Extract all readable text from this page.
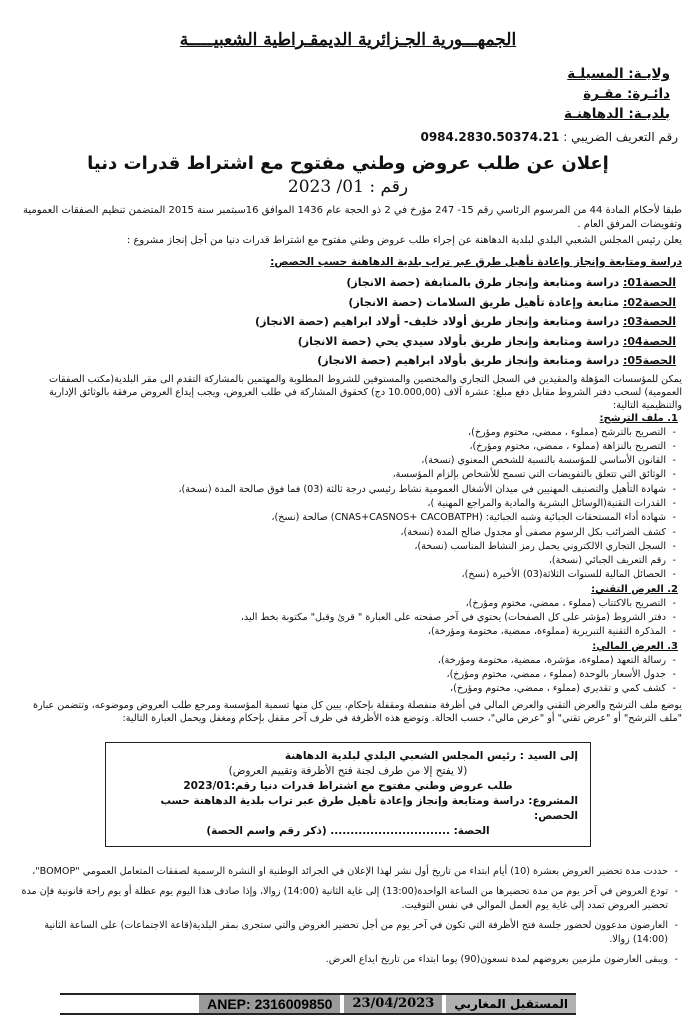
الجمهـــورية الجـزائرية الديمقـراطية الشعبيـــــة
ولايـة: المسيلـة
دائـرة: مقـرة
بلديـة: الدهاهنـة
رقم التعريف الضريبي : 0984.2830.50374.21
إعلان عن طلب عروض وطني مفتوح مع اشتراط قدرات دنيا
رقم : 01/ 2023

طبقا لأحكام المادة 44 من المرسوم الرئاسي رقم 15- 247 مؤرخ في 2 ذو الحجة عام 1436 الموافق 16سبتمبر سنة 2015 المتضمن تنظيم الصفقات العمومية وتفويضات المرفق العام .

يعلن رئيس المجلس الشعبي البلدي لبلدية الدهاهنة عن إجراء طلب عروض وطني مفتوح مع اشتراط قدرات دنيا من أجل إنجاز مشروع :

دراسة ومتابعة وإنجاز وإعادة تأهيل طرق عبر تراب بلدية الدهاهنة حسب الحصص:

الحصة01: دراسة ومتابعة وإنجاز طرق بالمنابفة (حصة الانجاز)
الحصة02: متابعة وإعادة تأهيل طريق السلامات (حصة الانجاز)
الحصة03: دراسة ومتابعة وإنجاز طريق أولاد خليف- أولاد ابراهيم (حصة الانجاز)
الحصة04: دراسة ومتابعة وإنجاز طريق بأولاد سيدي يحي (حصة الانجاز)
الحصة05: دراسة ومتابعة وإنجاز طريق بأولاد ابراهيم (حصة الانجاز)

يمكن للمؤسسات المؤهلة والمقيدين في السجل التجاري والمختصين والمستوفين للشروط المطلوبة والمهتمين بالمشاركة التقدم الى مقر البلدية(مكتب الصفقات العمومية) لسحب دفتر الشروط مقابل دفع مبلغ: عشرة آلاف (10.000,00 دج) كحقوق المشاركة في طلب العروض، ويجب إيداع العروض مرفقة بالوثائق الإدارية والتنظيمية التالية:

1. ملف الترشح:
- التصريح بالترشح (مملوء ، ممضي، مختوم ومؤرخ)،
- التصريح بالنزاهة (مملوء ، ممضي، مختوم ومؤرخ)،
- القانون الأساسي للمؤسسة بالنسبة للشخص المعنوي (نسخة)،
- الوثائق التي تتعلق بالتفويضات التي تسمح للأشخاص بإلزام المؤسسة،
- شهادة التأهيل والتصنيف المهنيين في ميدان الأشغال العمومية نشاط رئيسي درجة ثالثة (03) فما فوق صالحة المدة (نسخة)،
- القدرات التقنية(الوسائل البشرية والمادية والمراجع المهنية )،
- شهادة أداء المستحقات الجبائية وشبه الجبائية: (CNAS+CASNOS+ CACOBATPH) صالحة (نسخ)،
- كشف الضرائب بكل الرسوم مصفى أو مجدول صالح المدة (نسخة)،
- السجل التجاري الالكتروني يحمل رمز النشاط المناسب (نسخة)،
- رقم التعريف الجبائي (نسخة)،
- الحصائل المالية للسنوات الثلاثة(03) الأخيرة (نسخ)،
2. العرض التقني:
- التصريح بالاكتتاب (مملوء ، ممضي، مختوم ومؤرخ)،
- دفتر الشروط (مؤشر على كل الصفحات) يحتوي في آخر صفحته على العبارة " قرئ وقبل" مكتوبة بخط اليد،
- المذكرة التقنية التبريرية (مملوءة، ممضية، مختومة ومؤرخة)،
3. العرض المالي:
- رسالة التعهد (مملوءة، مؤشرة، ممضية، مختومة ومؤرخة)،
- جدول الأسعار بالوحدة (مملوء ، ممضي، مختوم ومؤرخ)،
- كشف كمي و تقديري (مملوء ، ممضي، مختوم ومؤرخ)،

يوضع ملف الترشح والعرض التقني والعرض المالي في أظرفة منفصلة ومقفلة بإحكام، يبين كل منها تسمية المؤسسة ومرجع طلب العروض وموضوعه، وتتضمن عبارة "ملف الترشح" أو "عرض تقني" أو "عرض مالي"، حسب الحالة. وتوضع هذه الأظرفة في ظرف آخر مقفل بإحكام ومغفل ويحمل العبارة التالية:

إلى السيد : رئيس المجلس الشعبي البلدي لبلدية الدهاهنة
(لا يفتح إلا من طرف لجنة فتح الأظرفة وتقييم العروض)
طلب عروض وطني مفتوح مع اشتراط قدرات دنيا رقم:2023/01
المشروع: دراسة ومتابعة وإنجاز وإعادة تأهيل طرق عبر تراب بلدية الدهاهنة حسب الحصص:
الحصة: .............................. (ذكر رقم واسم الحصة)
- حددت مدة تحضير العروض بعشرة (10) أيام ابتداء من تاريخ أول نشر لهذا الإعلان في الجرائد الوطنية او النشرة الرسمية لصفقات المتعامل العمومي "BOMOP"،
- تودع العروض في آخر يوم من مدة تحضيرها من الساعة الواحدة(13:00) إلى غاية الثانية (14:00) زوالا، وإذا صادف هذا اليوم يوم عطلة أو يوم راحة قانونية فإن مدة تحضير العروض تمدد إلى غاية يوم العمل الموالي في نفس التوقيت.
- العارضون مدعوون لحضور جلسة فتح الأظرفة التي تكون في آخر يوم من أجل تحضير العروض والتي ستجرى بمقر البلدية(قاعة الاجتماعات) على الساعة الثانية (14:00) زوالا.
- ويبقى العارضون ملزمين بعروضهم لمدة تسعون(90) يوما ابتداء من تاريخ ايداع العرض.
المستقبل المغاربي
23/04/2023
ANEP: 2316009850
